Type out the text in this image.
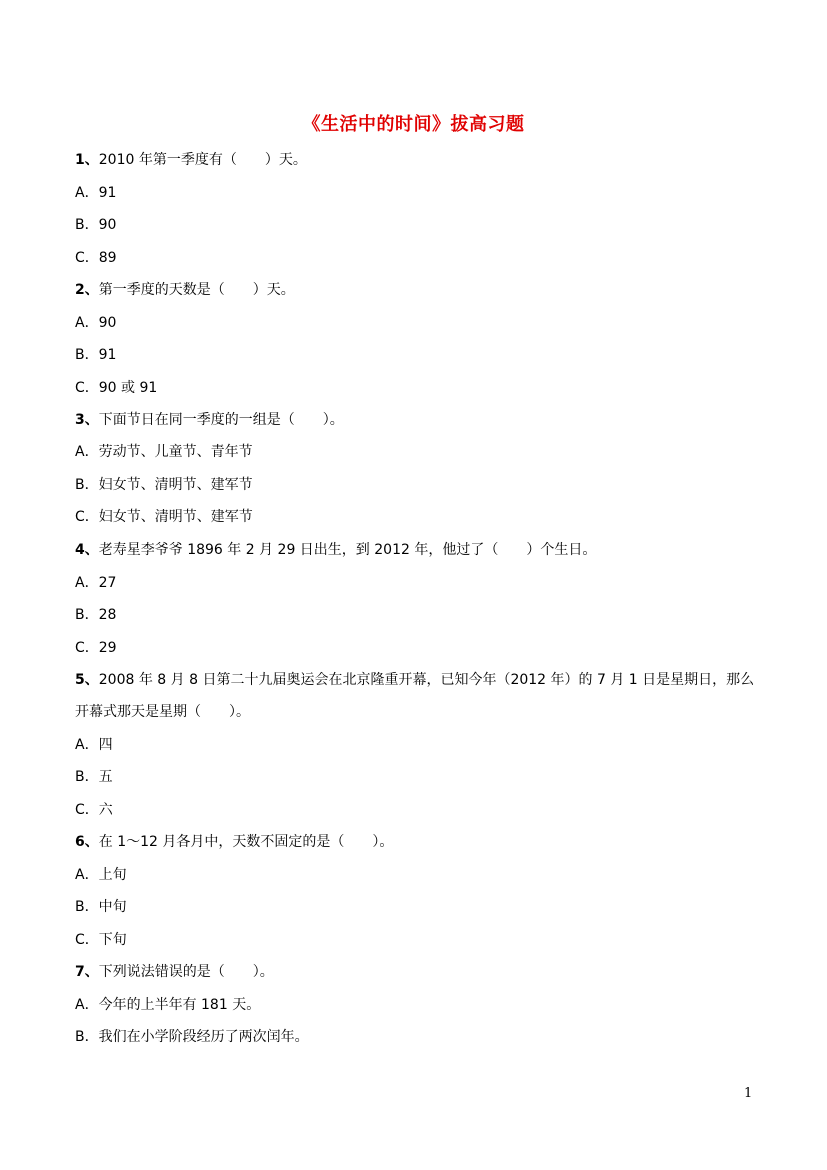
《生活中的时间》拔高习题
1、2010 年第一季度有（　　）天。
A．91
B．90
C．89
2、第一季度的天数是（　　）天。
A．90
B．91
C．90 或 91
3、下面节日在同一季度的一组是（　　）。
A．劳动节、儿童节、青年节
B．妇女节、清明节、建军节
C．妇女节、清明节、建军节
4、老寿星李爷爷 1896 年 2 月 29 日出生，到 2012 年，他过了（　　）个生日。
A．27
B．28
C．29
5、2008 年 8 月 8 日第二十九届奥运会在北京隆重开幕，已知今年（2012 年）的 7 月 1 日是星期日，那么
开幕式那天是星期（　　）。
A．四
B．五
C．六
6、在 1～12 月各月中，天数不固定的是（　　）。
A．上旬
B．中旬
C．下旬
7、下列说法错误的是（　　）。
A．今年的上半年有 181 天。
B．我们在小学阶段经历了两次闰年。
1
